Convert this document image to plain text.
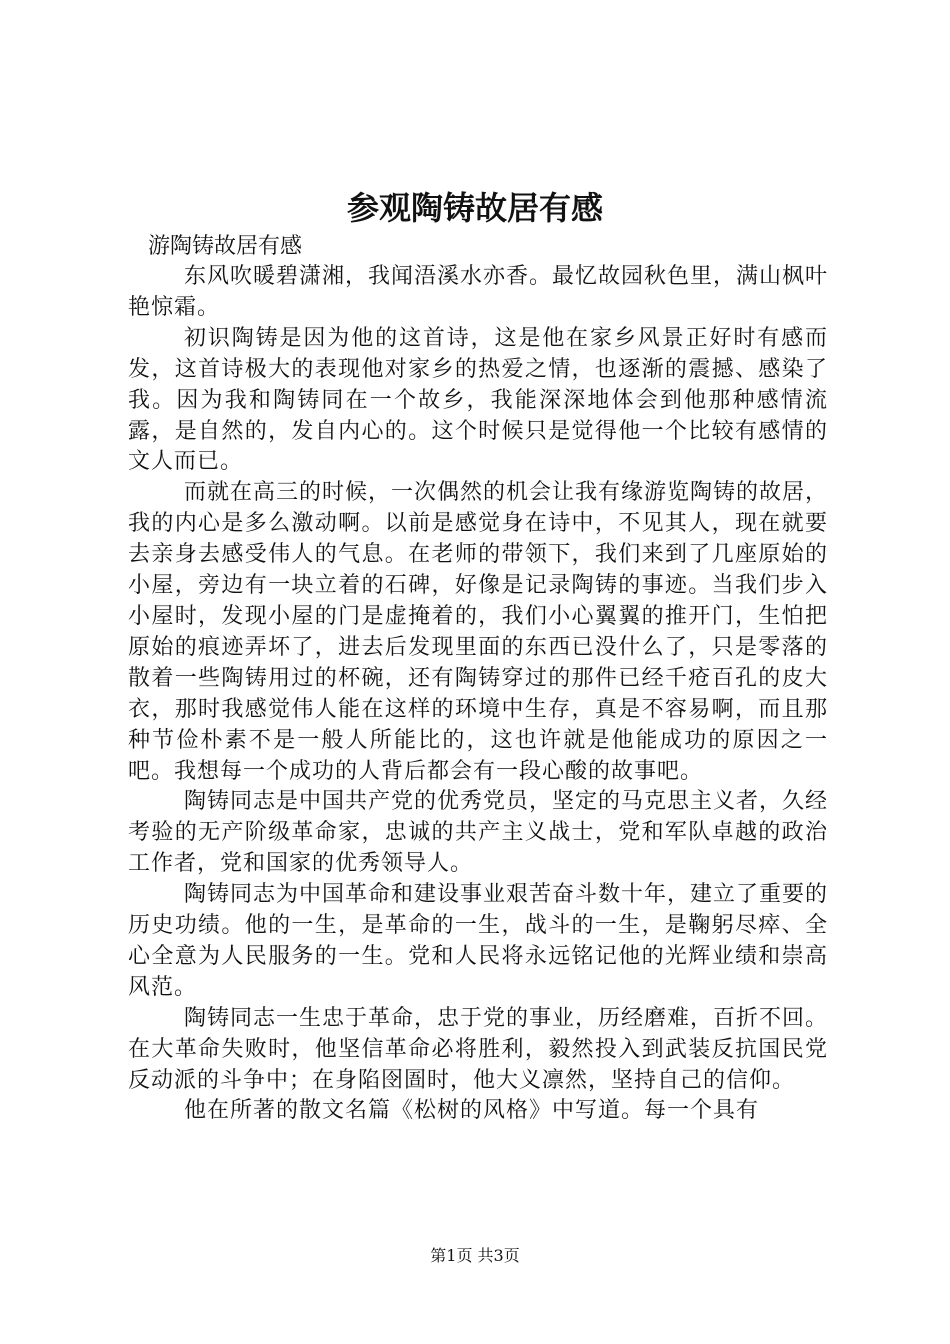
参观陶铸故居有感

游陶铸故居有感

东风吹暖碧潇湘，我闻浯溪水亦香。最忆故园秋色里，满山枫叶艳惊霜。

初识陶铸是因为他的这首诗，这是他在家乡风景正好时有感而发，这首诗极大的表现他对家乡的热爱之情，也逐渐的震撼、感染了我。因为我和陶铸同在一个故乡，我能深深地体会到他那种感情流露，是自然的，发自内心的。这个时候只是觉得他一个比较有感情的文人而已。

而就在高三的时候，一次偶然的机会让我有缘游览陶铸的故居，我的内心是多么激动啊。以前是感觉身在诗中，不见其人，现在就要去亲身去感受伟人的气息。在老师的带领下，我们来到了几座原始的小屋，旁边有一块立着的石碑，好像是记录陶铸的事迹。当我们步入小屋时，发现小屋的门是虚掩着的，我们小心翼翼的推开门，生怕把原始的痕迹弄坏了，进去后发现里面的东西已没什么了，只是零落的散着一些陶铸用过的杯碗，还有陶铸穿过的那件已经千疮百孔的皮大衣，那时我感觉伟人能在这样的环境中生存，真是不容易啊，而且那种节俭朴素不是一般人所能比的，这也许就是他能成功的原因之一吧。我想每一个成功的人背后都会有一段心酸的故事吧。

陶铸同志是中国共产党的优秀党员，坚定的马克思主义者，久经考验的无产阶级革命家，忠诚的共产主义战士，党和军队卓越的政治工作者，党和国家的优秀领导人。

陶铸同志为中国革命和建设事业艰苦奋斗数十年，建立了重要的历史功绩。他的一生，是革命的一生，战斗的一生，是鞠躬尽瘁、全心全意为人民服务的一生。党和人民将永远铭记他的光辉业绩和崇高风范。

陶铸同志一生忠于革命，忠于党的事业，历经磨难，百折不回。在大革命失败时，他坚信革命必将胜利，毅然投入到武装反抗国民党反动派的斗争中；在身陷囹圄时，他大义凛然，坚持自己的信仰。

他在所著的散文名篇《松树的风格》中写道。每一个具有

第1页 共3页
